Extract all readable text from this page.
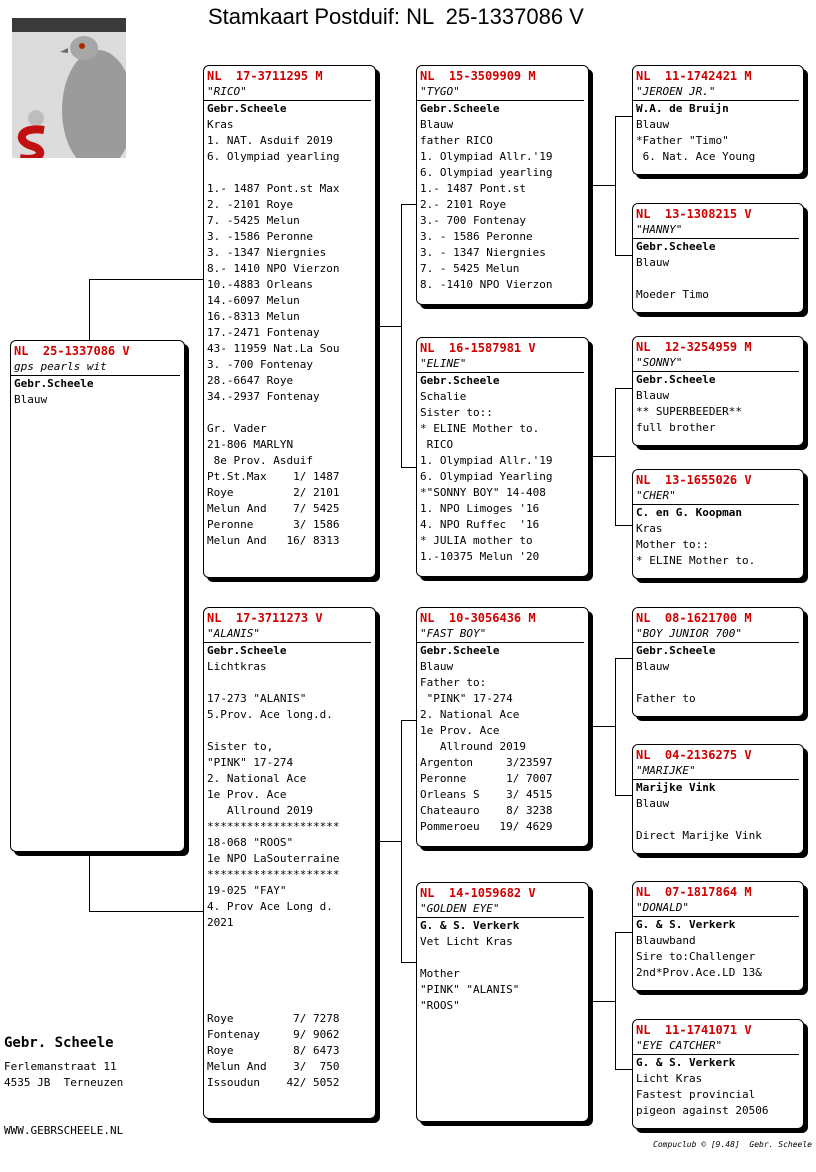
Stamkaart Postduif: NL  25-1337086 V
NL  25-1337086 V
gps pearls wit
Gebr.Scheele
Blauw
NL  17-3711295 M
"RICO"
Gebr.Scheele
Kras
1. NAT. Asduif 2019
6. Olympiad yearling
1.- 1487 Pont.st Max
2. -2101 Roye
7. -5425 Melun
3. -1586 Peronne
3. -1347 Niergnies
8.- 1410 NPO Vierzon
10.-4883 Orleans
14.-6097 Melun
16.-8313 Melun
17.-2471 Fontenay
43- 11959 Nat.La Sou
3. -700 Fontenay
28.-6647 Roye
34.-2937 Fontenay
Gr. Vader
21-806 MARLYN
8e Prov. Asduif
Pt.St.Max    1/ 1487
Roye         2/ 2101
Melun And    7/ 5425
Peronne      3/ 1586
Melun And   16/ 8313
NL  17-3711273 V
"ALANIS"
Gebr.Scheele
Lichtkras
17-273 "ALANIS"
5.Prov. Ace long.d.
Sister to,
"PINK" 17-274
2. National Ace
1e Prov. Ace
Allround 2019
********************
18-068 "ROOS"
1e NPO LaSouterraine
********************
19-025 "FAY"
4. Prov Ace Long d.
2021
Roye         7/ 7278
Fontenay     9/ 9062
Roye         8/ 6473
Melun And    3/  750
Issoudun    42/ 5052
NL  15-3509909 M
"TYGO"
Gebr.Scheele
Blauw
father RICO
1. Olympiad Allr.'19
6. Olympiad yearling
1.- 1487 Pont.st
2.- 2101 Roye
3.- 700 Fontenay
3. - 1586 Peronne
3. - 1347 Niergnies
7. - 5425 Melun
8. -1410 NPO Vierzon
NL  16-1587981 V
"ELINE"
Gebr.Scheele
Schalie
Sister to::
* ELINE Mother to.
RICO
1. Olympiad Allr.'19
6. Olympiad Yearling
*"SONNY BOY" 14-408
1. NPO Limoges '16
4. NPO Ruffec  '16
* JULIA mother to
1.-10375 Melun '20
NL  10-3056436 M
"FAST BOY"
Gebr.Scheele
Blauw
Father to:
"PINK" 17-274
2. National Ace
1e Prov. Ace
Allround 2019
Argenton     3/23597
Peronne      1/ 7007
Orleans S    3/ 4515
Chateauro    8/ 3238
Pommeroeu   19/ 4629
NL  14-1059682 V
"GOLDEN EYE"
G. & S. Verkerk
Vet Licht Kras
Mother
"PINK" "ALANIS"
"ROOS"
NL  11-1742421 M
"JEROEN JR."
W.A. de Bruijn
Blauw
*Father "Timo"
6. Nat. Ace Young
NL  13-1308215 V
"HANNY"
Gebr.Scheele
Blauw
Moeder Timo
NL  12-3254959 M
"SONNY"
Gebr.Scheele
Blauw
** SUPERBEEDER**
full brother
NL  13-1655026 V
"CHER"
C. en G. Koopman
Kras
Mother to::
* ELINE Mother to.
NL  08-1621700 M
"BOY JUNIOR 700"
Gebr.Scheele
Blauw
Father to
NL  04-2136275 V
"MARIJKE"
Marijke Vink
Blauw
Direct Marijke Vink
NL  07-1817864 M
"DONALD"
G. & S. Verkerk
Blauwband
Sire to:Challenger
2nd*Prov.Ace.LD 13&
NL  11-1741071 V
"EYE CATCHER"
G. & S. Verkerk
Licht Kras
Fastest provincial
pigeon against 20506
Gebr. Scheele
Ferlemanstraat 11
4535 JB  Terneuzen
WWW.GEBRSCHEELE.NL
Compuclub © [9.48]  Gebr. Scheele
